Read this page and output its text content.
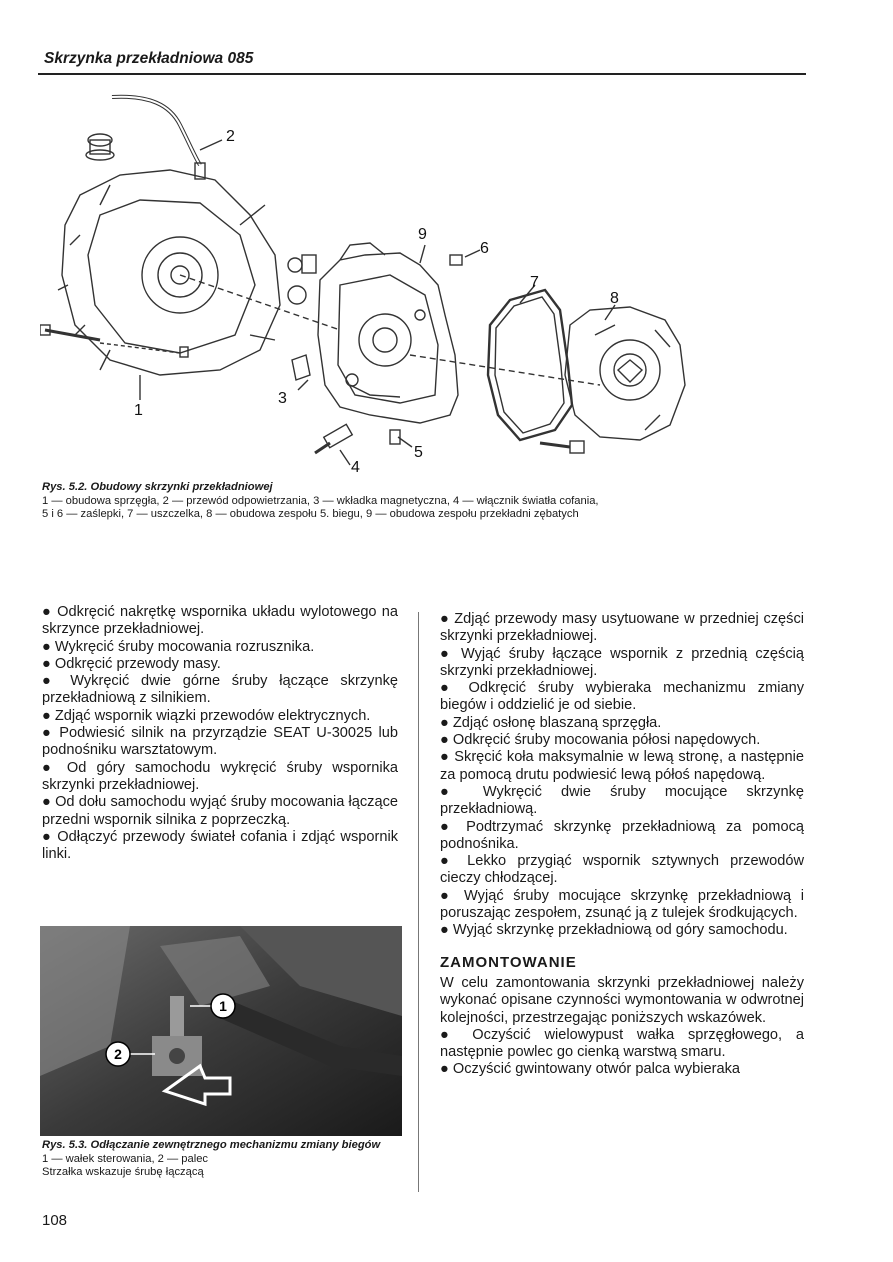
Skrzynka przekładniowa 085
2
1
3
4
5
6
7
8
9
Rys. 5.2. Obudowy skrzynki przekładniowej
1 — obudowa sprzęgła, 2 — przewód odpowietrzania, 3 — wkładka magnetyczna, 4 — włącznik światła cofania,
5 i 6 — zaślepki, 7 — uszczelka, 8 — obudowa zespołu 5. biegu, 9 — obudowa zespołu przekładni zębatych

● Odkręcić nakrętkę wspornika układu wylotowego na skrzynce przekładniowej.

● Wykręcić śruby mocowania rozrusznika.

● Odkręcić przewody masy.

● Wykręcić dwie górne śruby łączące skrzynkę przekładniową z silnikiem.

● Zdjąć wspornik wiązki przewodów elektrycznych.

● Podwiesić silnik na przyrządzie SEAT U-30025 lub podnośniku warsztatowym.

● Od góry samochodu wykręcić śruby wspornika skrzynki przekładniowej.

● Od dołu samochodu wyjąć śruby mocowania łączące przedni wspornik silnika z poprzeczką.

● Odłączyć przewody świateł cofania i zdjąć wspornik linki.

1
2
Rys. 5.3. Odłączanie zewnętrznego mechanizmu zmiany biegów
1 — wałek sterowania, 2 — palec
Strzałka wskazuje śrubę łączącą

● Zdjąć przewody masy usytuowane w przedniej części skrzynki przekładniowej.

● Wyjąć śruby łączące wspornik z przednią częścią skrzynki przekładniowej.

● Odkręcić śruby wybieraka mechanizmu zmiany biegów i oddzielić je od siebie.

● Zdjąć osłonę blaszaną sprzęgła.

● Odkręcić śruby mocowania półosi napędowych.

● Skręcić koła maksymalnie w lewą stronę, a następnie za pomocą drutu podwiesić lewą półoś napędową.

● Wykręcić dwie śruby mocujące skrzynkę przekładniową.

● Podtrzymać skrzynkę przekładniową za pomocą podnośnika.

● Lekko przygiąć wspornik sztywnych przewodów cieczy chłodzącej.

● Wyjąć śruby mocujące skrzynkę przekładniową i poruszając zespołem, zsunąć ją z tulejek środkujących.

● Wyjąć skrzynkę przekładniową od góry samochodu.

ZAMONTOWANIE

W celu zamontowania skrzynki przekładniowej należy wykonać opisane czynności wymontowania w odwrotnej kolejności, przestrzegając poniższych wskazówek.

● Oczyścić wielowypust wałka sprzęgłowego, a następnie powlec go cienką warstwą smaru.

● Oczyścić gwintowany otwór palca wybieraka

108
